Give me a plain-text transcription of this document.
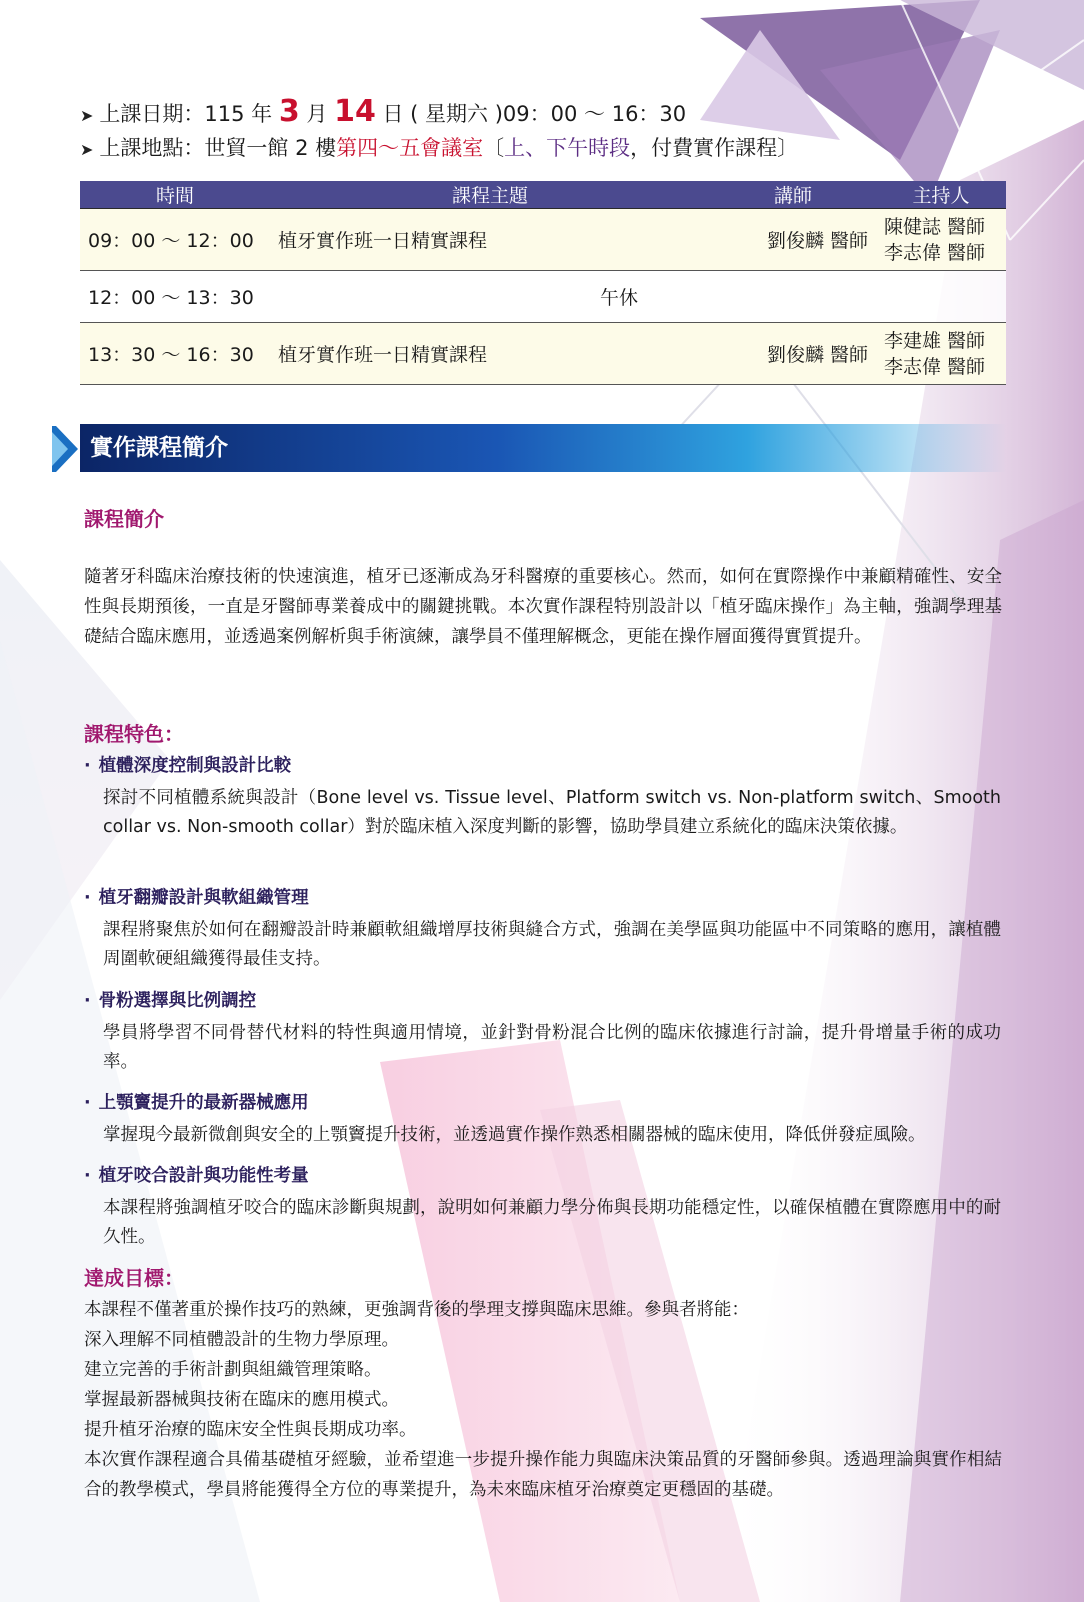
➤ 上課日期：115 年 3 月 14 日 ( 星期六 )09：00 ～ 16：30
➤ 上課地點：世貿一館 2 樓第四～五會議室〔上、下午時段，付費實作課程〕
時間	課程主題	講師	主持人
09：00 ～ 12：00	植牙實作班一日精實課程	劉俊麟 醫師	陳健誌 醫師
李志偉 醫師

12：00 ～ 13：30	午休		
13：30 ～ 16：30	植牙實作班一日精實課程	劉俊麟 醫師	李建雄 醫師
李志偉 醫師
實作課程簡介
課程簡介
隨著牙科臨床治療技術的快速演進，植牙已逐漸成為牙科醫療的重要核心。然而，如何在實際操作中兼顧精確性、安全性與長期預後，一直是牙醫師專業養成中的關鍵挑戰。本次實作課程特別設計以「植牙臨床操作」為主軸，強調學理基礎結合臨床應用，並透過案例解析與手術演練，讓學員不僅理解概念，更能在操作層面獲得實質提升。
課程特色：
· 植體深度控制與設計比較
探討不同植體系統與設計（Bone level vs. Tissue level、Platform switch vs. Non-platform switch、Smooth collar vs. Non-smooth collar）對於臨床植入深度判斷的影響，協助學員建立系統化的臨床決策依據。
· 植牙翻瓣設計與軟組織管理
課程將聚焦於如何在翻瓣設計時兼顧軟組織增厚技術與縫合方式，強調在美學區與功能區中不同策略的應用，讓植體周圍軟硬組織獲得最佳支持。
· 骨粉選擇與比例調控
學員將學習不同骨替代材料的特性與適用情境，並針對骨粉混合比例的臨床依據進行討論，提升骨增量手術的成功率。
· 上顎竇提升的最新器械應用
掌握現今最新微創與安全的上顎竇提升技術，並透過實作操作熟悉相關器械的臨床使用，降低併發症風險。
· 植牙咬合設計與功能性考量
本課程將強調植牙咬合的臨床診斷與規劃，說明如何兼顧力學分佈與長期功能穩定性，以確保植體在實際應用中的耐久性。
達成目標：
本課程不僅著重於操作技巧的熟練，更強調背後的學理支撐與臨床思維。參與者將能：
深入理解不同植體設計的生物力學原理。
建立完善的手術計劃與組織管理策略。
掌握最新器械與技術在臨床的應用模式。
提升植牙治療的臨床安全性與長期成功率。
本次實作課程適合具備基礎植牙經驗，並希望進一步提升操作能力與臨床決策品質的牙醫師參與。透過理論與實作相結合的教學模式，學員將能獲得全方位的專業提升，為未來臨床植牙治療奠定更穩固的基礎。
